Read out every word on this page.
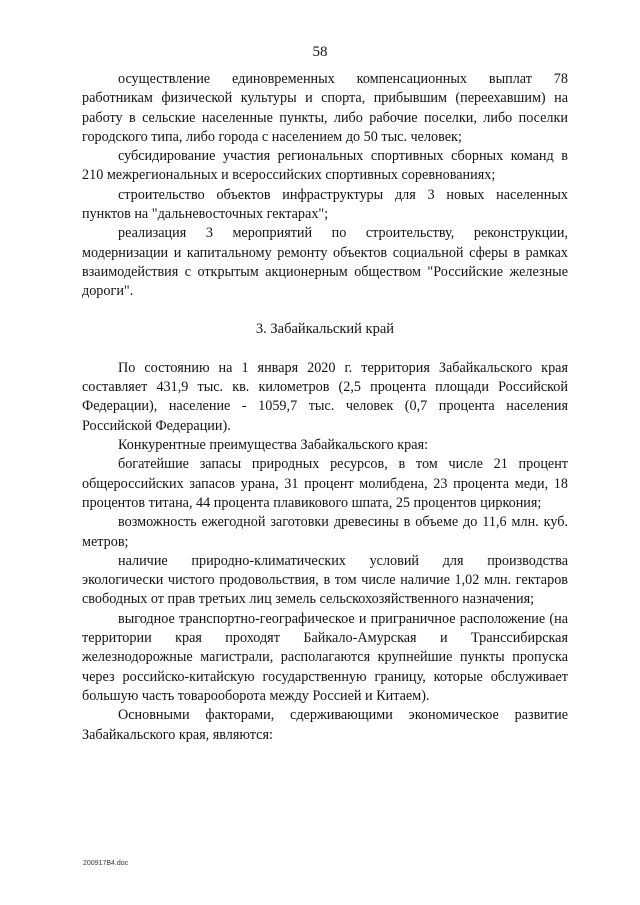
58

осуществление единовременных компенсационных выплат 78 работникам физической культуры и спорта, прибывшим (переехавшим) на работу в сельские населенные пункты, либо рабочие поселки, либо поселки городского типа, либо города с населением до 50 тыс. человек;

субсидирование участия региональных спортивных сборных команд в 210 межрегиональных и всероссийских спортивных соревнованиях;

строительство объектов инфраструктуры для 3 новых населенных пунктов на "дальневосточных гектарах";

реализация 3 мероприятий по строительству, реконструкции, модернизации и капитальному ремонту объектов социальной сферы в рамках взаимодействия с открытым акционерным обществом "Российские железные дороги".

3. Забайкальский край

По состоянию на 1 января 2020 г. территория Забайкальского края составляет 431,9 тыс. кв. километров (2,5 процента площади Российской Федерации), население - 1059,7 тыс. человек (0,7 процента населения Российской Федерации).

Конкурентные преимущества Забайкальского края:

богатейшие запасы природных ресурсов, в том числе 21 процент общероссийских запасов урана, 31 процент молибдена, 23 процента меди, 18 процентов титана, 44 процента плавикового шпата, 25 процентов циркония;

возможность ежегодной заготовки древесины в объеме до 11,6 млн. куб. метров;

наличие природно-климатических условий для производства экологически чистого продовольствия, в том числе наличие 1,02 млн. гектаров свободных от прав третьих лиц земель сельскохозяйственного назначения;

выгодное транспортно-географическое и приграничное расположение (на территории края проходят Байкало-Амурская и Транссибирская железнодорожные магистрали, располагаются крупнейшие пункты пропуска через российско-китайскую государственную границу, которые обслуживает большую часть товарооборота между Россией и Китаем).

Основными факторами, сдерживающими экономическое развитие Забайкальского края, являются:

200917В4.doc
